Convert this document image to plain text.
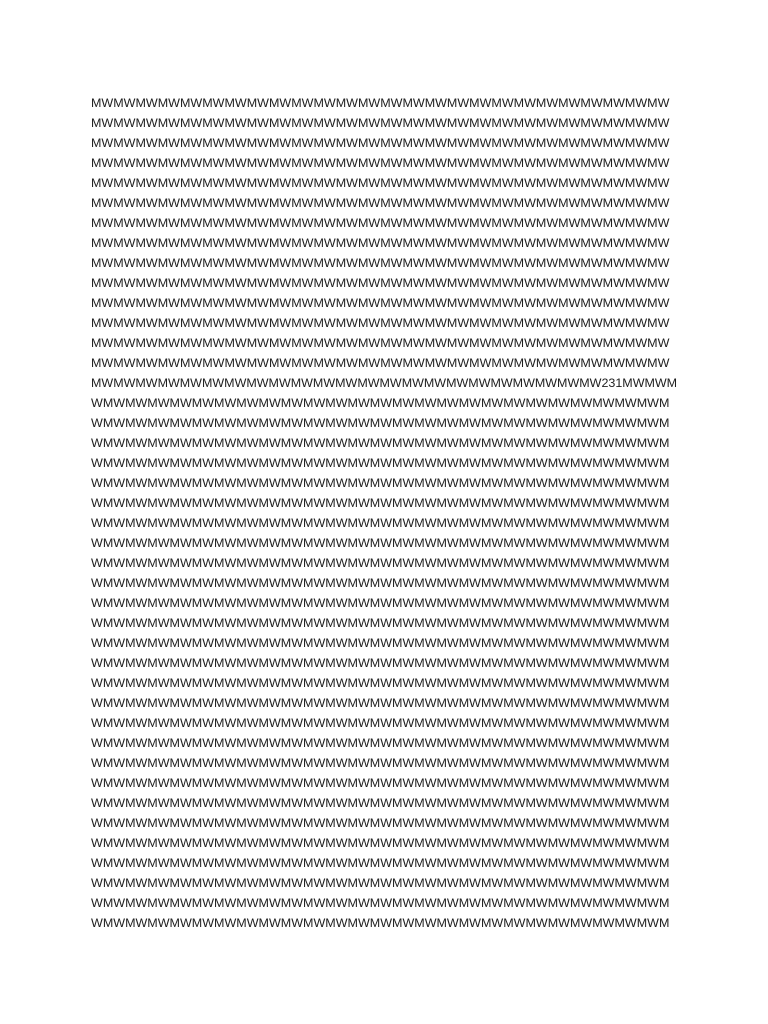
MWMWMWMWMWMWMWMWMWMWMWMWMWMWMWMWMWMWMWMWMWMWMWMWMWMW
MWMWMWMWMWMWMWMWMWMWMWMWMWMWMWMWMWMWMWMWMWMWMWMWMWMW
MWMWMWMWMWMWMWMWMWMWMWMWMWMWMWMWMWMWMWMWMWMWMWMWMWMW
MWMWMWMWMWMWMWMWMWMWMWMWMWMWMWMWMWMWMWMWMWMWMWMWMWMW
MWMWMWMWMWMWMWMWMWMWMWMWMWMWMWMWMWMWMWMWMWMWMWMWMWMW
MWMWMWMWMWMWMWMWMWMWMWMWMWMWMWMWMWMWMWMWMWMWMWMWMWMW
MWMWMWMWMWMWMWMWMWMWMWMWMWMWMWMWMWMWMWMWMWMWMWMWMWMW
MWMWMWMWMWMWMWMWMWMWMWMWMWMWMWMWMWMWMWMWMWMWMWMWMWMW
MWMWMWMWMWMWMWMWMWMWMWMWMWMWMWMWMWMWMWMWMWMWMWMWMWMW
MWMWMWMWMWMWMWMWMWMWMWMWMWMWMWMWMWMWMWMWMWMWMWMWMWMW
MWMWMWMWMWMWMWMWMWMWMWMWMWMWMWMWMWMWMWMWMWMWMWMWMWMW
MWMWMWMWMWMWMWMWMWMWMWMWMWMWMWMWMWMWMWMWMWMWMWMWMWMW
MWMWMWMWMWMWMWMWMWMWMWMWMWMWMWMWMWMWMWMWMWMWMWMWMWMW
MWMWMWMWMWMWMWMWMWMWMWMWMWMWMWMWMWMWMWMWMWMWMWMWMWMW
MWMWMWMWMWMWMWMWMWMWMWMWMWMWMWMWMWMWMWMWMWMWMW231MWMWM
WMWMWMWMWMWMWMWMWMWMWMWMWMWMWMWMWMWMWMWMWMWMWMWMWMWM
WMWMWMWMWMWMWMWMWMWMWMWMWMWMWMWMWMWMWMWMWMWMWMWMWMWM
WMWMWMWMWMWMWMWMWMWMWMWMWMWMWMWMWMWMWMWMWMWMWMWMWMWM
WMWMWMWMWMWMWMWMWMWMWMWMWMWMWMWMWMWMWMWMWMWMWMWMWMWM
WMWMWMWMWMWMWMWMWMWMWMWMWMWMWMWMWMWMWMWMWMWMWMWMWMWM
WMWMWMWMWMWMWMWMWMWMWMWMWMWMWMWMWMWMWMWMWMWMWMWMWMWM
WMWMWMWMWMWMWMWMWMWMWMWMWMWMWMWMWMWMWMWMWMWMWMWMWMWM
WMWMWMWMWMWMWMWMWMWMWMWMWMWMWMWMWMWMWMWMWMWMWMWMWMWM
WMWMWMWMWMWMWMWMWMWMWMWMWMWMWMWMWMWMWMWMWMWMWMWMWMWM
WMWMWMWMWMWMWMWMWMWMWMWMWMWMWMWMWMWMWMWMWMWMWMWMWMWM
WMWMWMWMWMWMWMWMWMWMWMWMWMWMWMWMWMWMWMWMWMWMWMWMWMWM
WMWMWMWMWMWMWMWMWMWMWMWMWMWMWMWMWMWMWMWMWMWMWMWMWMWM
WMWMWMWMWMWMWMWMWMWMWMWMWMWMWMWMWMWMWMWMWMWMWMWMWMWM
WMWMWMWMWMWMWMWMWMWMWMWMWMWMWMWMWMWMWMWMWMWMWMWMWMWM
WMWMWMWMWMWMWMWMWMWMWMWMWMWMWMWMWMWMWMWMWMWMWMWMWMWM
WMWMWMWMWMWMWMWMWMWMWMWMWMWMWMWMWMWMWMWMWMWMWMWMWMWM
WMWMWMWMWMWMWMWMWMWMWMWMWMWMWMWMWMWMWMWMWMWMWMWMWMWM
WMWMWMWMWMWMWMWMWMWMWMWMWMWMWMWMWMWMWMWMWMWMWMWMWMWM
WMWMWMWMWMWMWMWMWMWMWMWMWMWMWMWMWMWMWMWMWMWMWMWMWMWM
WMWMWMWMWMWMWMWMWMWMWMWMWMWMWMWMWMWMWMWMWMWMWMWMWMWM
WMWMWMWMWMWMWMWMWMWMWMWMWMWMWMWMWMWMWMWMWMWMWMWMWMWM
WMWMWMWMWMWMWMWMWMWMWMWMWMWMWMWMWMWMWMWMWMWMWMWMWMWM
WMWMWMWMWMWMWMWMWMWMWMWMWMWMWMWMWMWMWMWMWMWMWMWMWMWM
WMWMWMWMWMWMWMWMWMWMWMWMWMWMWMWMWMWMWMWMWMWMWMWMWMWM
WMWMWMWMWMWMWMWMWMWMWMWMWMWMWMWMWMWMWMWMWMWMWMWMWMWM
WMWMWMWMWMWMWMWMWMWMWMWMWMWMWMWMWMWMWMWMWMWMWMWMWMWM
WMWMWMWMWMWMWMWMWMWMWMWMWMWMWMWMWMWMWMWMWMWMWMWMWMWM
